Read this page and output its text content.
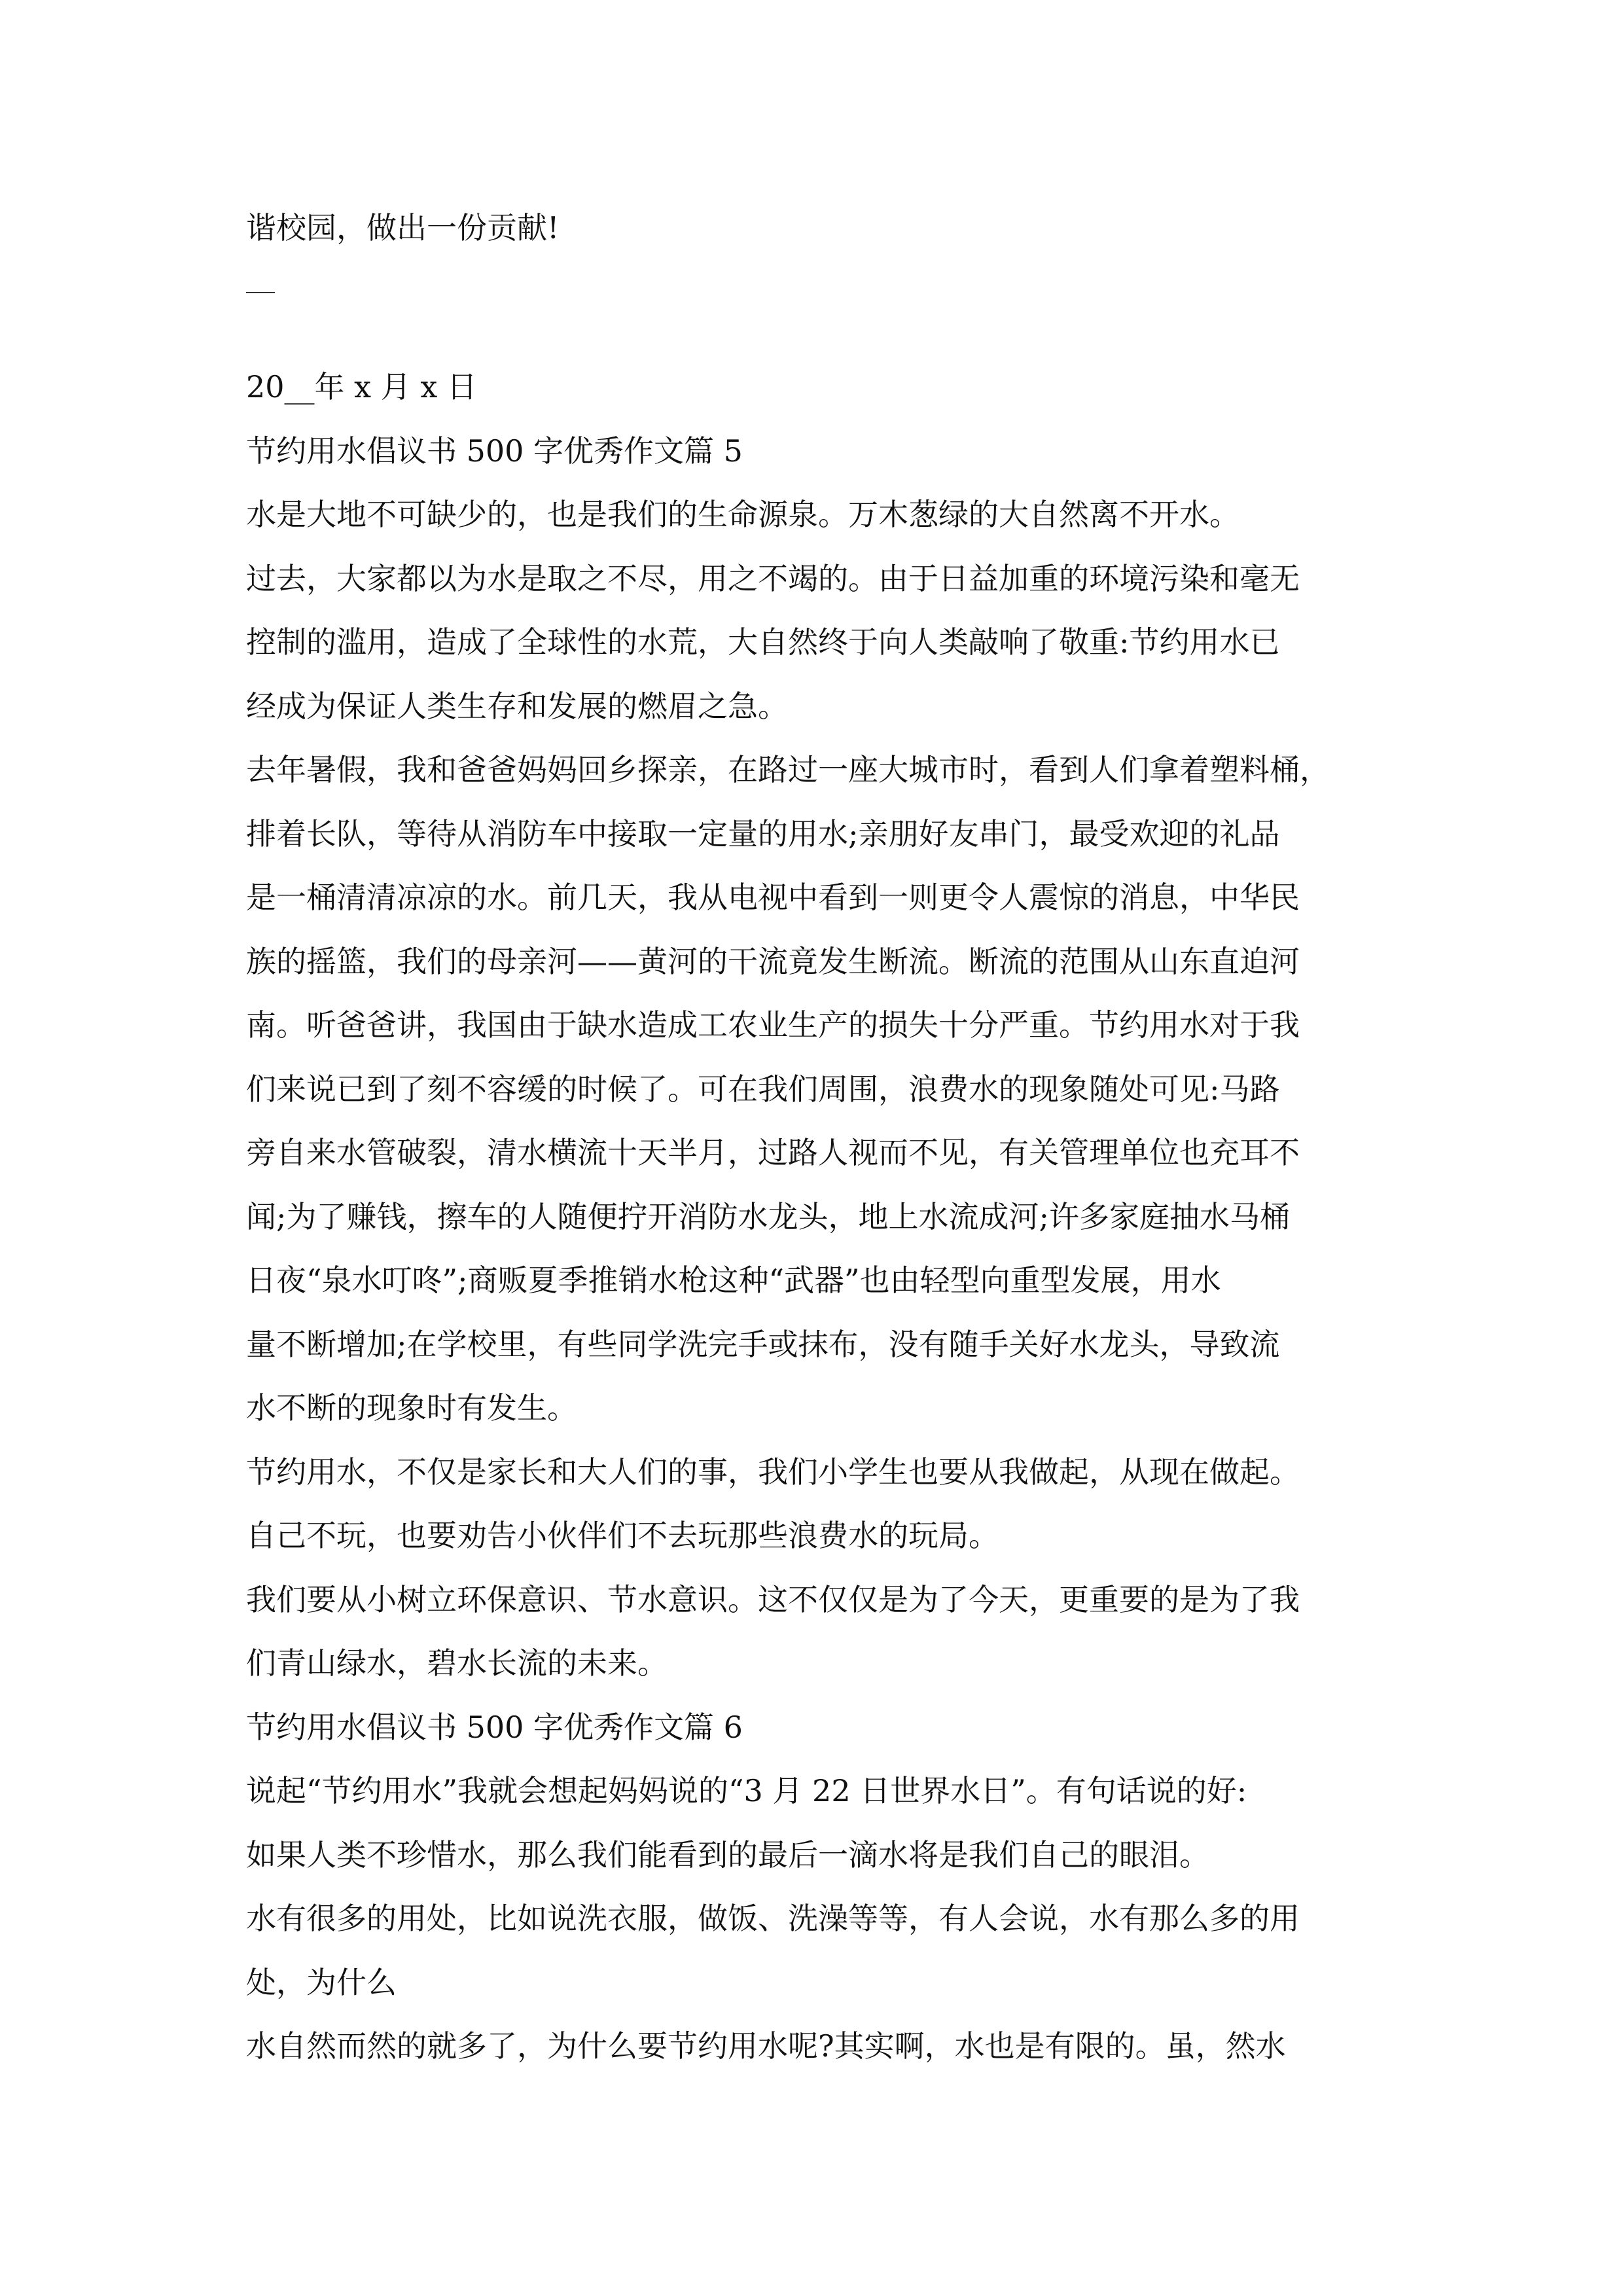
谐校园，做出一份贡献!
20__年 x 月 x 日
节约用水倡议书 500 字优秀作文篇 5
水是大地不可缺少的，也是我们的生命源泉。万木葱绿的大自然离不开水。
过去，大家都以为水是取之不尽，用之不竭的。由于日益加重的环境污染和毫无
控制的滥用，造成了全球性的水荒，大自然终于向人类敲响了敬重:节约用水已
经成为保证人类生存和发展的燃眉之急。
去年暑假，我和爸爸妈妈回乡探亲，在路过一座大城市时，看到人们拿着塑料桶，
排着长队，等待从消防车中接取一定量的用水;亲朋好友串门，最受欢迎的礼品
是一桶清清凉凉的水。前几天，我从电视中看到一则更令人震惊的消息，中华民
族的摇篮，我们的母亲河——黄河的干流竟发生断流。断流的范围从山东直迫河
南。听爸爸讲，我国由于缺水造成工农业生产的损失十分严重。节约用水对于我
们来说已到了刻不容缓的时候了。可在我们周围，浪费水的现象随处可见:马路
旁自来水管破裂，清水横流十天半月，过路人视而不见，有关管理单位也充耳不
闻;为了赚钱，擦车的人随便拧开消防水龙头，地上水流成河;许多家庭抽水马桶
日夜“泉水叮咚”;商贩夏季推销水枪这种“武器”也由轻型向重型发展，用水
量不断增加;在学校里，有些同学洗完手或抹布，没有随手关好水龙头，导致流
水不断的现象时有发生。
节约用水，不仅是家长和大人们的事，我们小学生也要从我做起，从现在做起。
自己不玩，也要劝告小伙伴们不去玩那些浪费水的玩局。
我们要从小树立环保意识、节水意识。这不仅仅是为了今天，更重要的是为了我
们青山绿水，碧水长流的未来。
节约用水倡议书 500 字优秀作文篇 6
说起“节约用水”我就会想起妈妈说的“3 月 22 日世界水日”。有句话说的好:
如果人类不珍惜水，那么我们能看到的最后一滴水将是我们自己的眼泪。
水有很多的用处，比如说洗衣服，做饭、洗澡等等，有人会说，水有那么多的用
处，为什么
水自然而然的就多了，为什么要节约用水呢?其实啊，水也是有限的。虽，然水
